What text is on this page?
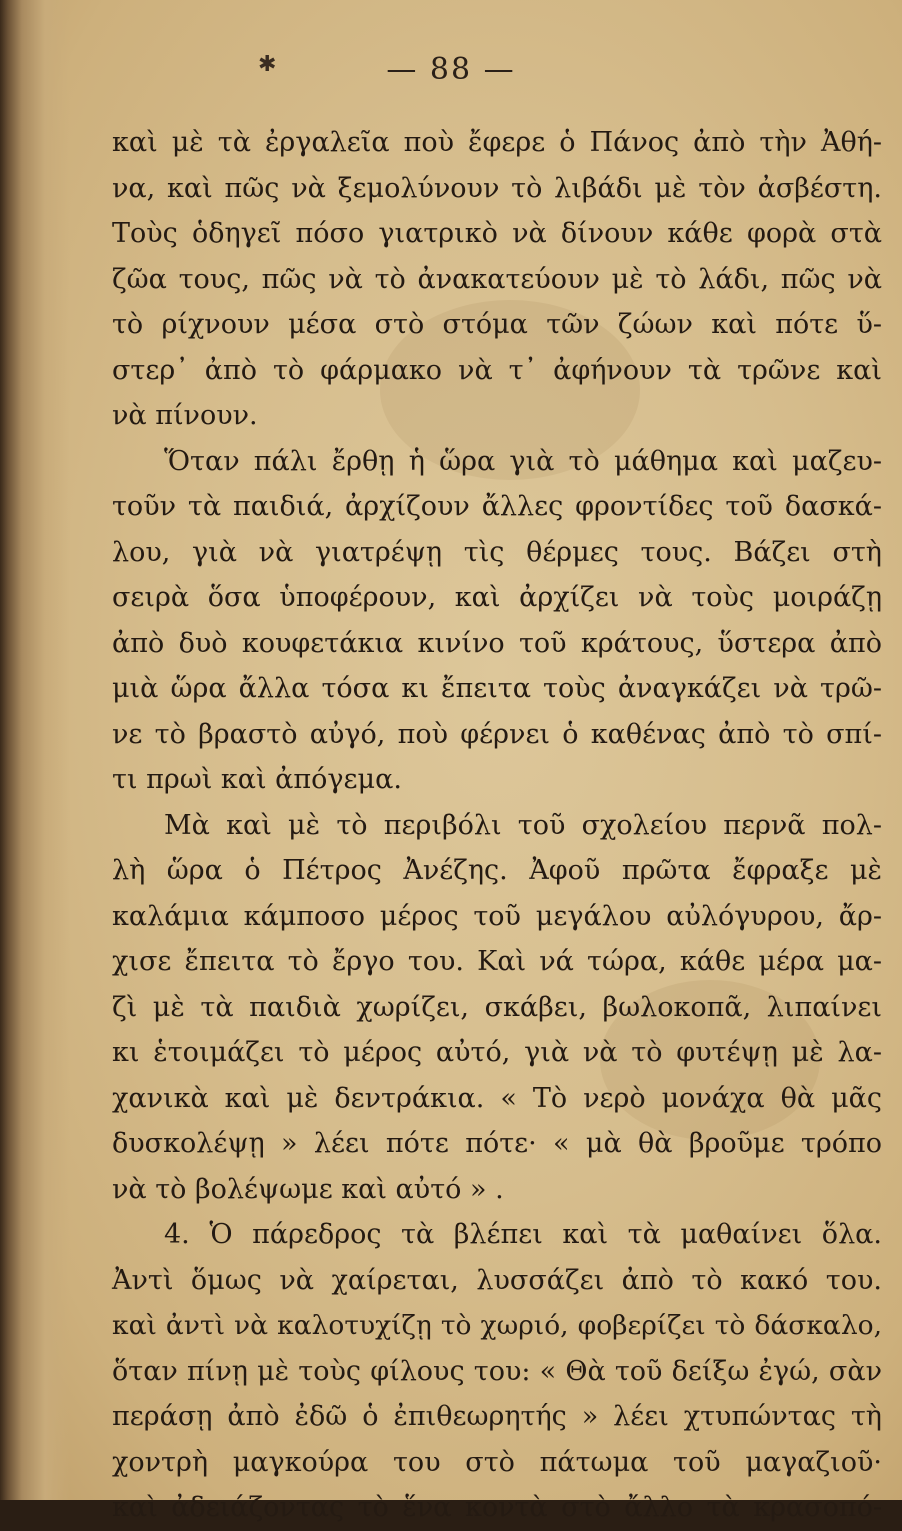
✱	— 88 —
καὶ μὲ τὰ ἐργαλεῖα ποὺ ἔφερε ὁ Πάνος ἀπὸ τὴν Ἀθή-
να, καὶ πῶς νὰ ξεμολύνουν τὸ λιβάδι μὲ τὸν ἀσβέστη.
Τοὺς ὁδηγεῖ πόσο γιατρικὸ νὰ δίνουν κάθε φορὰ στὰ
ζῶα τους, πῶς νὰ τὸ ἀνακατεύουν μὲ τὸ λάδι, πῶς νὰ
τὸ ρίχνουν μέσα στὸ στόμα τῶν ζώων καὶ πότε ὕ-
στερ᾽ ἀπὸ τὸ φάρμακο νὰ τ᾽ ἀφήνουν τὰ τρῶνε καὶ
νὰ πίνουν.
Ὅταν πάλι ἔρθῃ ἡ ὥρα γιὰ τὸ μάθημα καὶ μαζευ-
τοῦν τὰ παιδιά, ἀρχίζουν ἄλλες φροντίδες τοῦ δασκά-
λου, γιὰ νὰ γιατρέψῃ τὶς θέρμες τους. Βάζει στὴ
σειρὰ ὅσα ὑποφέρουν, καὶ ἀρχίζει νὰ τοὺς μοιράζῃ
ἀπὸ δυὸ κουφετάκια κινίνο τοῦ κράτους, ὕστερα ἀπὸ
μιὰ ὥρα ἄλλα τόσα κι ἔπειτα τοὺς ἀναγκάζει νὰ τρῶ-
νε τὸ βραστὸ αὐγό, ποὺ φέρνει ὁ καθένας ἀπὸ τὸ σπί-
τι πρωὶ καὶ ἀπόγεμα.
Μὰ καὶ μὲ τὸ περιβόλι τοῦ σχολείου περνᾶ πολ-
λὴ ὥρα ὁ Πέτρος Ἀνέζης. Ἀφοῦ πρῶτα ἔφραξε μὲ
καλάμια κάμποσο μέρος τοῦ μεγάλου αὐλόγυρου, ἄρ-
χισε ἔπειτα τὸ ἔργο του. Καὶ νά τώρα, κάθε μέρα μα-
ζὶ μὲ τὰ παιδιὰ χωρίζει, σκάβει, βωλοκοπᾶ, λιπαίνει
κι ἑτοιμάζει τὸ μέρος αὐτό, γιὰ νὰ τὸ φυτέψῃ μὲ λα-
χανικὰ καὶ μὲ δεντράκια. « Τὸ νερὸ μονάχα θὰ μᾶς
δυσκολέψῃ » λέει πότε πότε· « μὰ θὰ βροῦμε τρόπο
νὰ τὸ βολέψωμε καὶ αὐτό » .
4. Ὁ πάρεδρος τὰ βλέπει καὶ τὰ μαθαίνει ὅλα.
Ἀντὶ ὅμως νὰ χαίρεται, λυσσάζει ἀπὸ τὸ κακό του.
καὶ ἀντὶ νὰ καλοτυχίζῃ τὸ χωριό, φοβερίζει τὸ δάσκαλο,
ὅταν πίνῃ μὲ τοὺς φίλους του: « Θὰ τοῦ δείξω ἐγώ, σὰν
περάσῃ ἀπὸ ἐδῶ ὁ ἐπιθεωρητής » λέει χτυπώντας τὴ
χοντρὴ μαγκούρα του στὸ πάτωμα τοῦ μαγαζιοῦ·
καὶ ἀδειάζοντας τὸ ἕνα κοντὰ στὸ ἄλλο τὰ κρασοπό-
